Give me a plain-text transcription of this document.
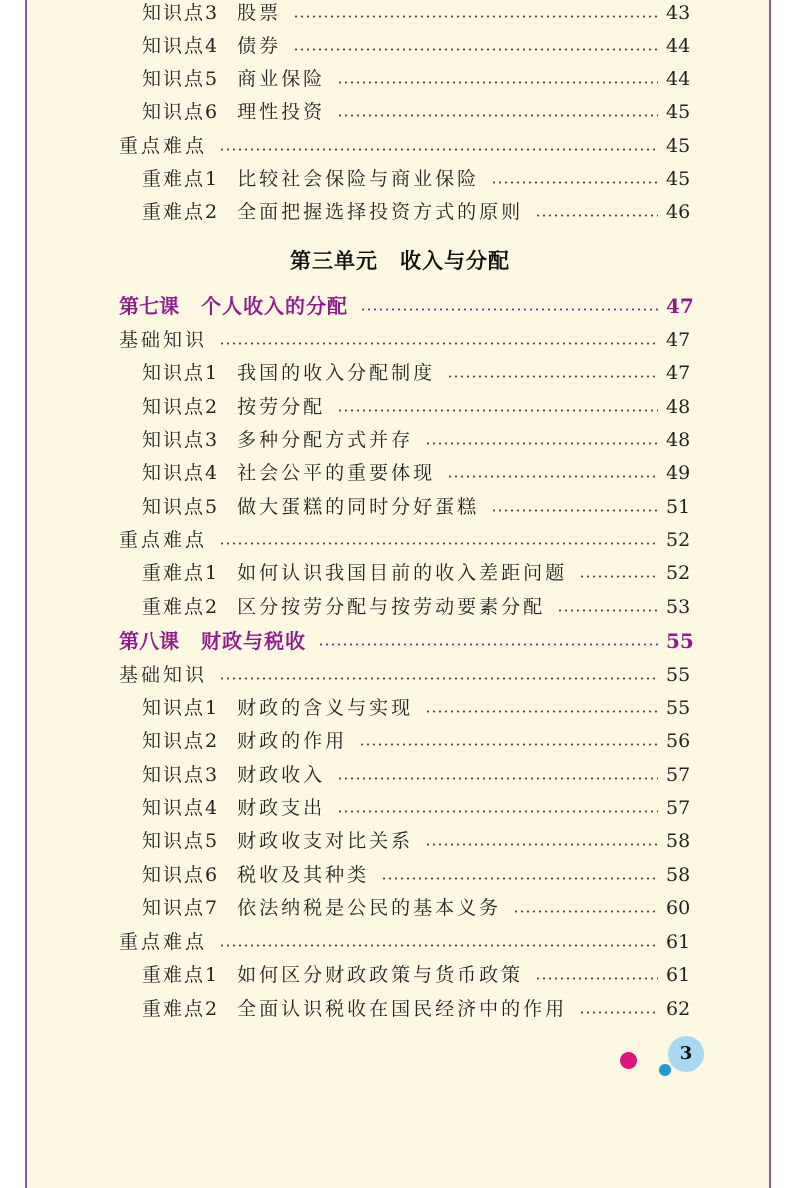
第三单元 收入与分配
知识点3 股票	43
知识点4 债券	44
知识点5 商业保险	44
知识点6 理性投资	45
重点难点	45
重难点1 比较社会保险与商业保险	45
重难点2 全面把握选择投资方式的原则	46
第七课 个人收入的分配	47
基础知识	47
知识点1 我国的收入分配制度	47
知识点2 按劳分配	48
知识点3 多种分配方式并存	48
知识点4 社会公平的重要体现	49
知识点5 做大蛋糕的同时分好蛋糕	51
重点难点	52
重难点1 如何认识我国目前的收入差距问题	52
重难点2 区分按劳分配与按劳动要素分配	53
第八课 财政与税收	55
基础知识	55
知识点1 财政的含义与实现	55
知识点2 财政的作用	56
知识点3 财政收入	57
知识点4 财政支出	57
知识点5 财政收支对比关系	58
知识点6 税收及其种类	58
知识点7 依法纳税是公民的基本义务	60
重点难点	61
重难点1 如何区分财政政策与货币政策	61
重难点2 全面认识税收在国民经济中的作用	62
3
